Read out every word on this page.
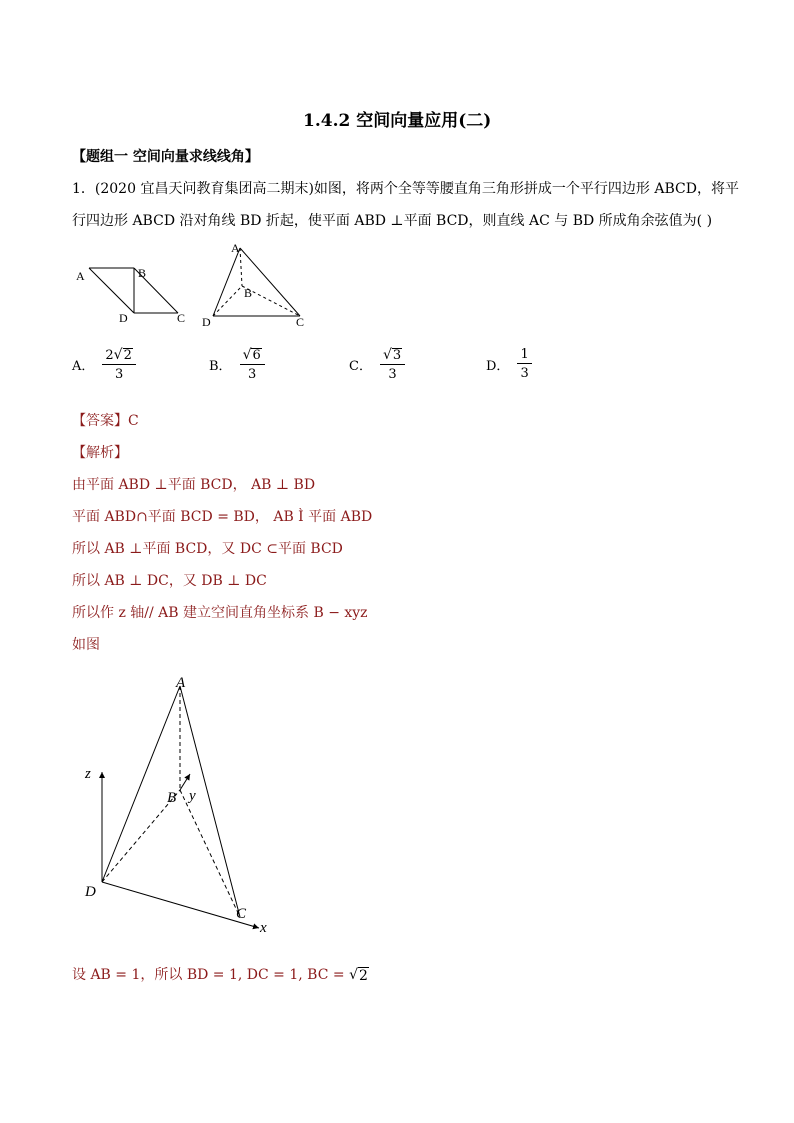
1.4.2 空间向量应用(二)
【题组一 空间向量求线线角】
1．(2020 宜昌天问教育集团高二期末)如图，将两个全等等腰直角三角形拼成一个平行四边形 ABCD，将平
行四边形 ABCD 沿对角线 BD 折起，使平面 ABD ⊥平面 BCD，则直线 AC 与 BD 所成角余弦值为( )
A	B
D	C
A
B
D	C
A． $\frac{2 √ 2}{3}$	B． $\frac{√ 6}{3}$	C． $\frac{√ 3}{3}$	D． $\frac{1}{3}$
【答案】C
【解析】
由平面 ABD ⊥平面 BCD， AB ⊥ BD
平面 ABD∩平面 BCD = BD， AB Ì 平面 ABD
所以 AB ⊥平面 BCD，又 DC ⊂平面 BCD
所以 AB ⊥ DC，又 DB ⊥ DC
所以作 z 轴// AB 建立空间直角坐标系 B − xyz
如图
A
B y
z
D
C
x
设 AB = 1，所以 BD = 1, DC = 1, BC = √ 2
